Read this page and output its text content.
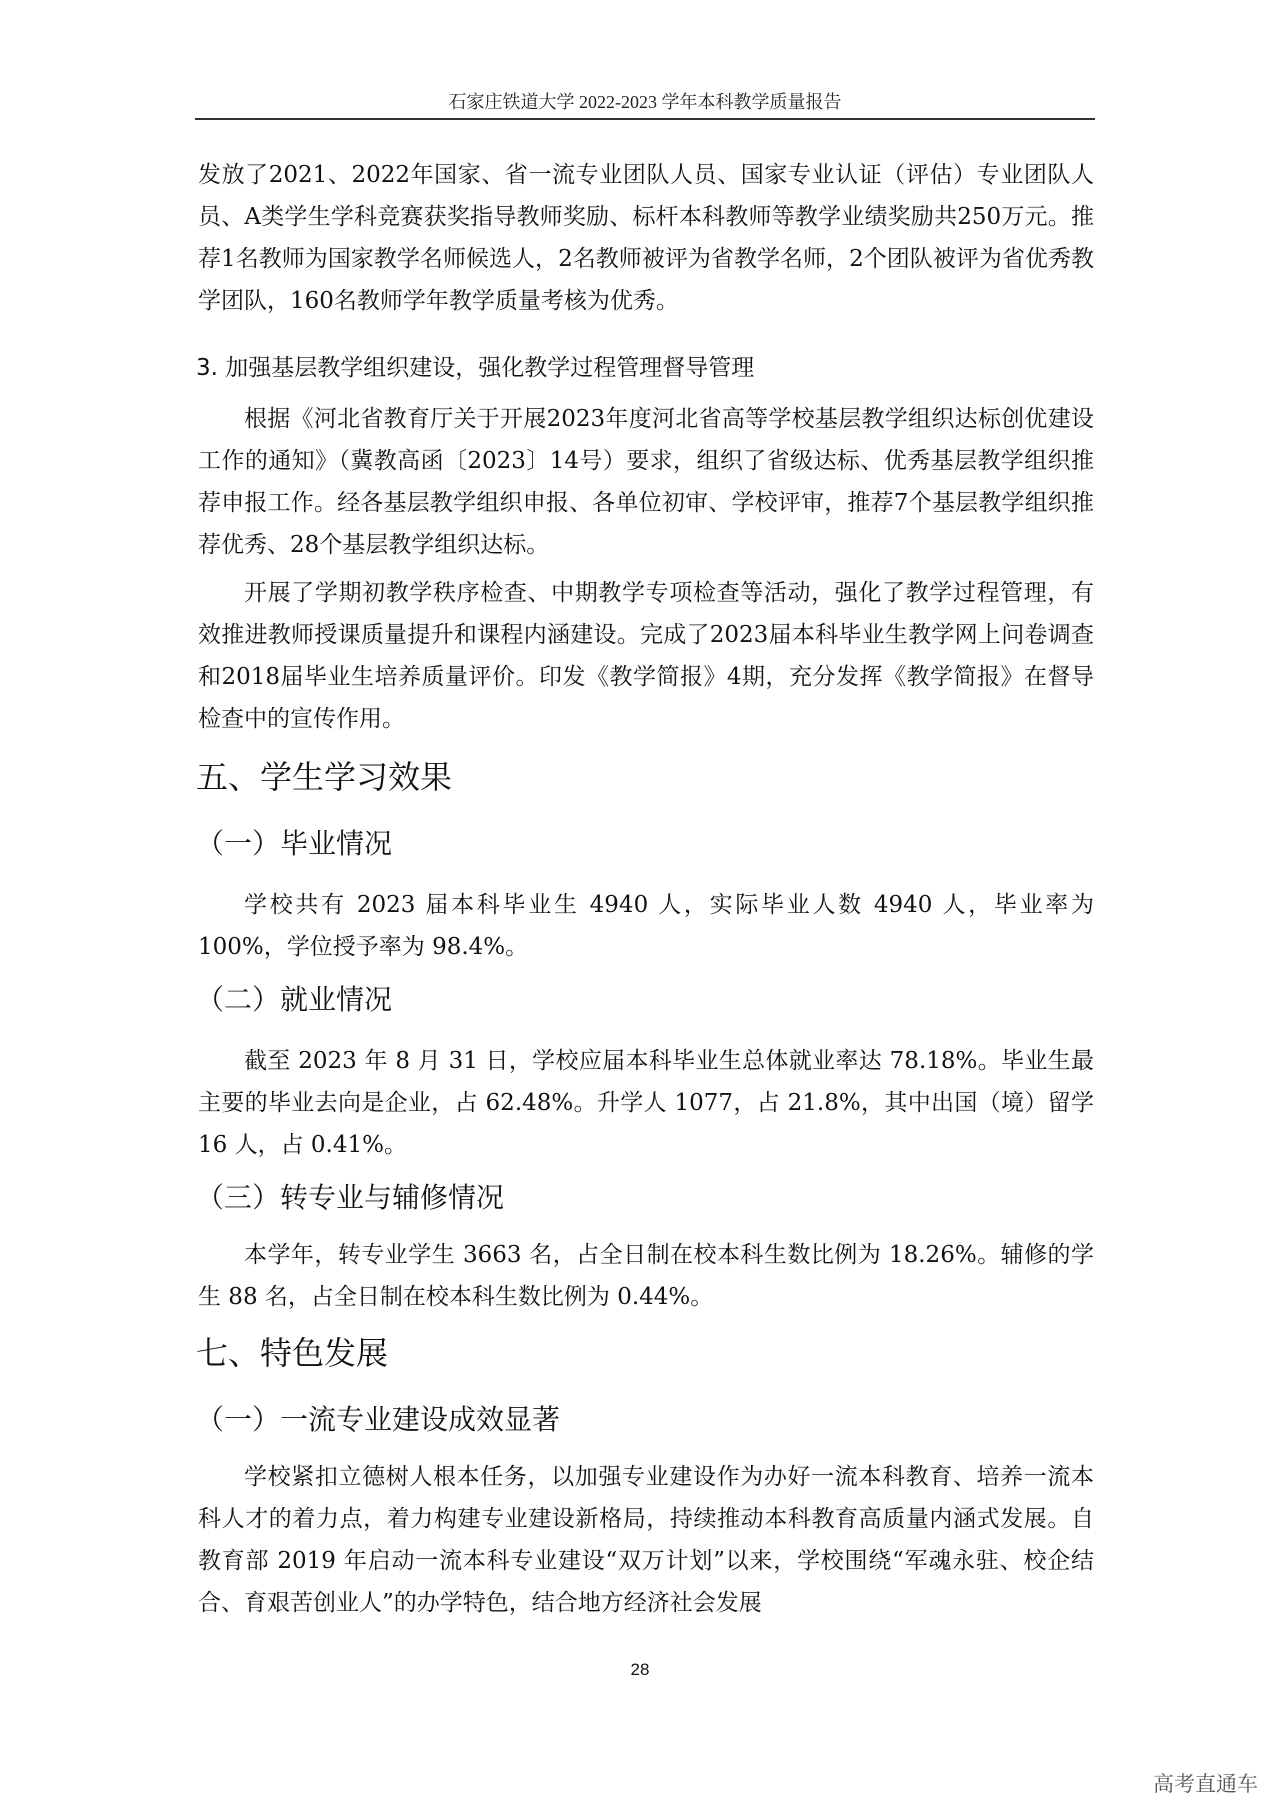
石家庄铁道大学 2022-2023 学年本科教学质量报告

发放了2021、2022年国家、省一流专业团队人员、国家专业认证（评估）专业团队人员、A类学生学科竞赛获奖指导教师奖励、标杆本科教师等教学业绩奖励共250万元。推荐1名教师为国家教学名师候选人，2名教师被评为省教学名师，2个团队被评为省优秀教学团队，160名教师学年教学质量考核为优秀。

3. 加强基层教学组织建设，强化教学过程管理督导管理

根据《河北省教育厅关于开展2023年度河北省高等学校基层教学组织达标创优建设工作的通知》（冀教高函〔2023〕14号）要求，组织了省级达标、优秀基层教学组织推荐申报工作。经各基层教学组织申报、各单位初审、学校评审，推荐7个基层教学组织推荐优秀、28个基层教学组织达标。

开展了学期初教学秩序检查、中期教学专项检查等活动，强化了教学过程管理，有效推进教师授课质量提升和课程内涵建设。完成了2023届本科毕业生教学网上问卷调查和2018届毕业生培养质量评价。印发《教学简报》4期，充分发挥《教学简报》在督导检查中的宣传作用。

五、学生学习效果
（一）毕业情况

学校共有 2023 届本科毕业生 4940 人，实际毕业人数 4940 人，毕业率为 100%，学位授予率为 98.4%。

（二）就业情况

截至 2023 年 8 月 31 日，学校应届本科毕业生总体就业率达 78.18%。毕业生最主要的毕业去向是企业，占 62.48%。升学人 1077，占 21.8%，其中出国（境）留学 16 人，占 0.41%。

（三）转专业与辅修情况

本学年，转专业学生 3663 名，占全日制在校本科生数比例为 18.26%。辅修的学生 88 名，占全日制在校本科生数比例为 0.44%。

七、特色发展
（一）一流专业建设成效显著

学校紧扣立德树人根本任务，以加强专业建设作为办好一流本科教育、培养一流本科人才的着力点，着力构建专业建设新格局，持续推动本科教育高质量内涵式发展。自教育部 2019 年启动一流本科专业建设“双万计划”以来，学校围绕“军魂永驻、校企结合、育艰苦创业人”的办学特色，结合地方经济社会发展

28
高考直通车
